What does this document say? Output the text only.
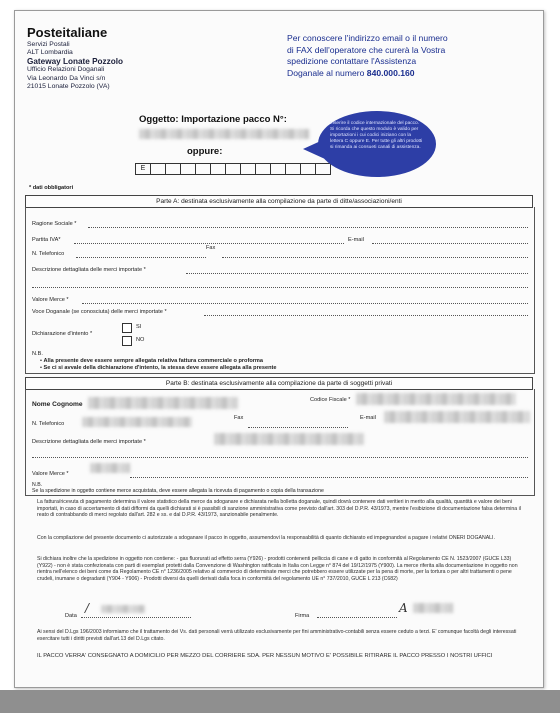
Posteitaliane
Servizi Postali
ALT Lombardia
Gateway Lonate Pozzolo
Ufficio Relazioni Doganali
Via Leonardo Da Vinci s/n
21015 Lonate Pozzolo (VA)
Per conoscere l'indirizzo email o il numero
di FAX dell'operatore che curerà la Vostra
spedizione contattare l'Assistenza
Doganale al numero 840.000.160
Oggetto: Importazione pacco N°:
oppure:
E
Inserire il codice internazionale del pacco. Si ricorda che questo modulo è valido per importazioni i cui codici iniziano con la lettera C oppure E. Per tutte gli altri prodotti si rimanda ai consueti canali di assistenza.
* dati obbligatori
Parte A: destinata esclusivamente alla compilazione da parte di ditte/associazioni/enti
Ragione Sociale *
Partita IVA*	E-mail
N. Telefonico
Fax
Descrizione dettagliata delle merci importate *
Valore Merce *
Voce Doganale (se conosciuta) delle merci importate *
Dichiarazione d'intento *
SI
NO
N.B.
• Alla presente deve essere sempre allegata relativa fattura commerciale o proforma
• Se ci si avvale della dichiarazione d'intento, la stessa deve essere allegata alla presente
Parte B: destinata esclusivamente alla compilazione da parte di soggetti privati
Nome Cognome
Codice Fiscale *
N. Telefonico
Fax	E-mail
Descrizione dettagliata delle merci importate *
Valore Merce *
N.B.
Se la spedizione in oggetto contiene merce acquistata, deve essere allegata la ricevuta di pagamento o copia della transazione
La fattura/ricevuta di pagamento determina il valore statistico della merce da sdoganare e dichiarata nella bolletta doganale, quindi dovrà contenere dati veritieri in merito alla qualità, quantità e valore dei beni importati, in caso di accertamento di dati difformi da quelli dichiarati si è passibili di sanzione amministrativa come previsto dall'art. 303 del D.P.R. 43/1973, mentre l'esibizione di documentazione falsa determina il reato di contrabbando di merci regolato dall'art. 282 e ss. e dal D.P.R. 43/1973, sanzionabile penalmente.
Con la compilazione del presente documento ci autorizzate a sdoganare il pacco in oggetto, assumendovi la responsabilità di quanto dichiarato ed impegnandovi a pagare i relativi ONERI DOGANALI.
Si dichiara inoltre che la spedizione in oggetto non contiene: - gas fluorurati ad effetto serra (Y926) - prodotti contenenti pelliccia di cane e di gatto in conformità al Regolamento CE N. 1523/2007 (GUCE L33) (Y922) - non è stata confezionata con parti di esemplari protetti dalla Convenzione di Washington ratificata in Italia con Legge n° 874 del 19/12/1975 (Y900). La merce riferita alla documentazione in oggetto non rientra nell'elenco dei beni come da Regolamento CE n° 1236/2005 relativo al commercio di determinate merci che potrebbero essere utilizzate per la pena di morte, per la tortura o per altri trattamenti o pene crudeli, inumane o degradanti (Y904 - Y906) - Prodotti diversi da quelli derivati dalla foca in conformità del regolamento UE n° 737/2010, GUCE L 213 (C682)
Data
/
Firma
A
Ai sensi del D.Lgs 196/2003 informiamo che il trattamento dei Vs. dati personali verrà utilizzato esclusivamente per fini amministrativo-contabili senza essere ceduto a terzi. E' comunque facoltà degli interessati esercitare tutti i diritti previsti dall'art.13 del D.Lgs citato.
IL PACCO VERRA' CONSEGNATO A DOMICILIO PER MEZZO DEL CORRIERE SDA. PER NESSUN MOTIVO E' POSSIBILE RITIRARE IL PACCO PRESSO I NOSTRI UFFICI
